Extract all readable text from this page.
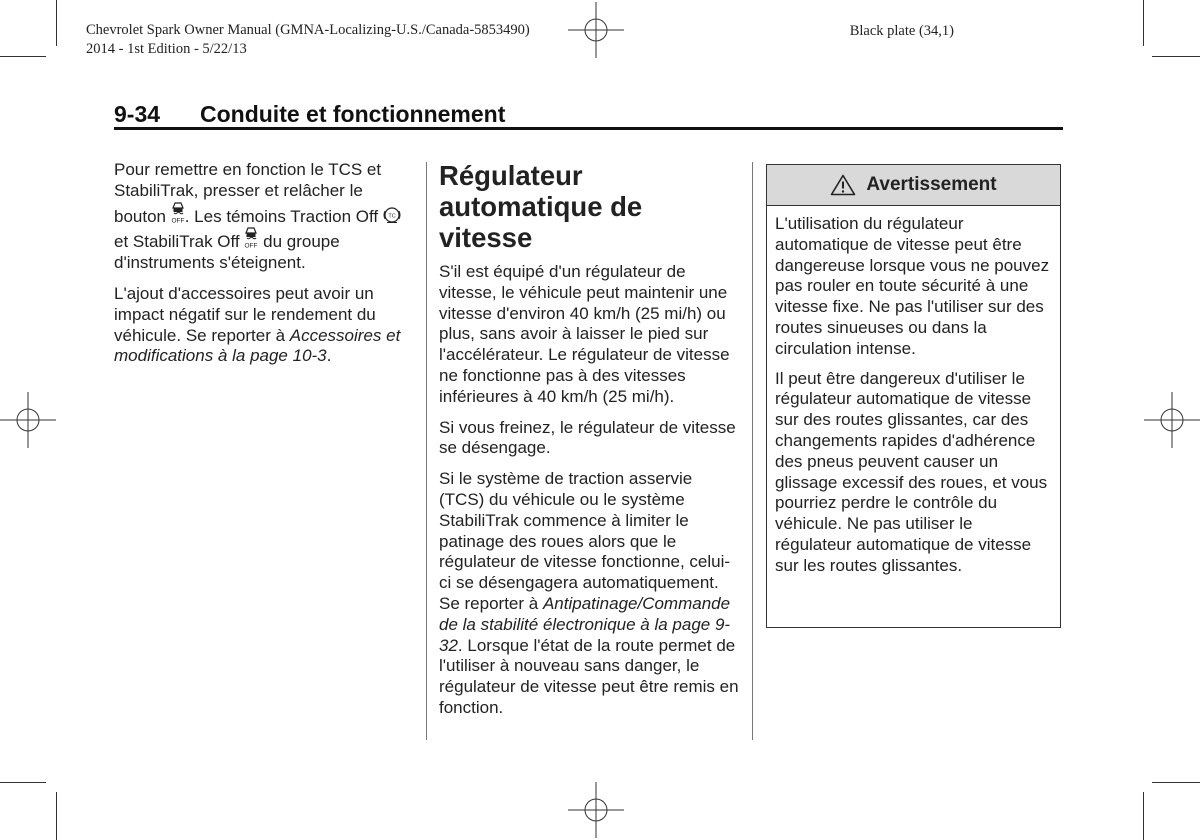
Chevrolet Spark Owner Manual (GMNA-Localizing-U.S./Canada-5853490)
2014 - 1st Edition - 5/22/13
Black plate (34,1)
9-34 Conduite et fonctionnement

Pour remettre en fonction le TCS et StabiliTrak, presser et relâcher le bouton OFF . Les témoins Traction Off TC
et StabiliTrak Off OFF du groupe d'instruments s'éteignent.

L'ajout d'accessoires peut avoir un impact négatif sur le rendement du véhicule. Se reporter à Accessoires et modifications à la page 10-3.

Régulateur automatique de vitesse

S'il est équipé d'un régulateur de vitesse, le véhicule peut maintenir une vitesse d'environ 40 km/h (25 mi/h) ou plus, sans avoir à laisser le pied sur l'accélérateur. Le régulateur de vitesse ne fonctionne pas à des vitesses inférieures à 40 km/h (25 mi/h).

Si vous freinez, le régulateur de vitesse se désengage.

Si le système de traction asservie (TCS) du véhicule ou le système StabiliTrak commence à limiter le patinage des roues alors que le régulateur de vitesse fonctionne, celui-ci se désengagera automatiquement. Se reporter à Antipatinage/Commande de la stabilité électronique à la page 9-32. Lorsque l'état de la route permet de l'utiliser à nouveau sans danger, le régulateur de vitesse peut être remis en fonction.

Avertissement

L'utilisation du régulateur automatique de vitesse peut être dangereuse lorsque vous ne pouvez pas rouler en toute sécurité à une vitesse fixe. Ne pas l'utiliser sur des routes sinueuses ou dans la circulation intense.

Il peut être dangereux d'utiliser le régulateur automatique de vitesse sur des routes glissantes, car des changements rapides d'adhérence des pneus peuvent causer un glissage excessif des roues, et vous pourriez perdre le contrôle du véhicule. Ne pas utiliser le régulateur automatique de vitesse sur les routes glissantes.
